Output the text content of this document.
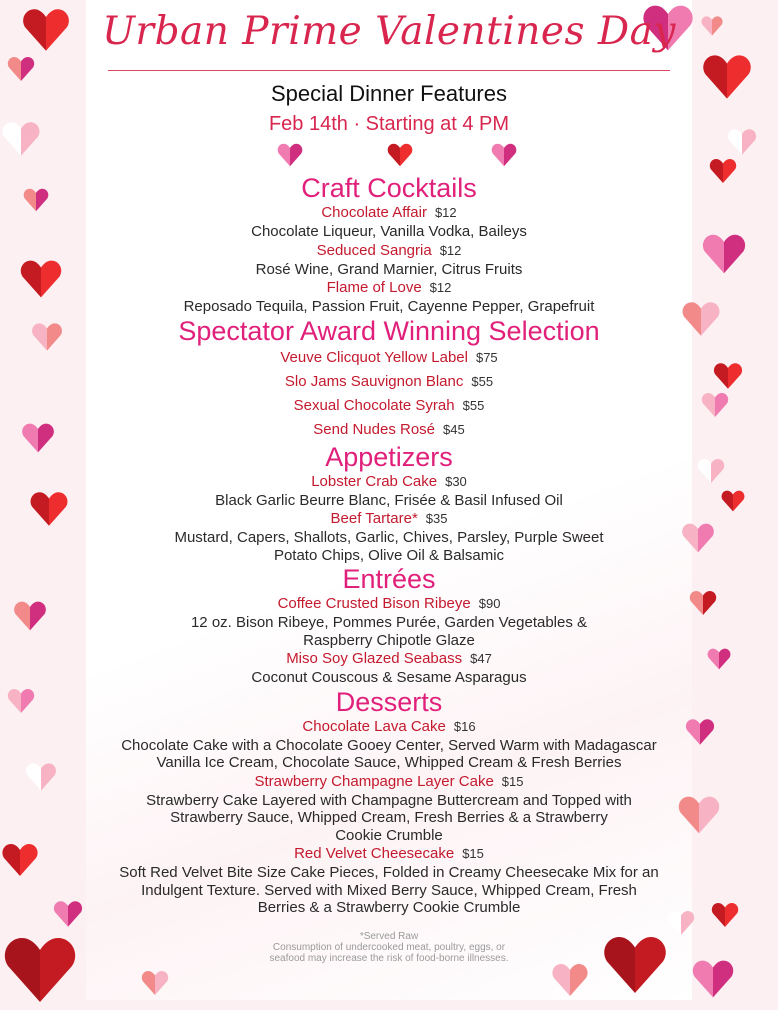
Urban Prime Valentines Day
Special Dinner Features
Feb 14th · Starting at 4 PM
Craft Cocktails
Chocolate Affair $12
Chocolate Liqueur, Vanilla Vodka, Baileys
Seduced Sangria $12
Rosé Wine, Grand Marnier, Citrus Fruits
Flame of Love $12
Reposado Tequila, Passion Fruit, Cayenne Pepper, Grapefruit
Spectator Award Winning Selection
Veuve Clicquot Yellow Label $75
Slo Jams Sauvignon Blanc $55
Sexual Chocolate Syrah $55
Send Nudes Rosé $45
Appetizers
Lobster Crab Cake $30
Black Garlic Beurre Blanc, Frisée & Basil Infused Oil
Beef Tartare* $35
Mustard, Capers, Shallots, Garlic, Chives, Parsley, Purple Sweet
Potato Chips, Olive Oil & Balsamic
Entrées
Coffee Crusted Bison Ribeye $90
12 oz. Bison Ribeye, Pommes Purée, Garden Vegetables &
Raspberry Chipotle Glaze
Miso Soy Glazed Seabass $47
Coconut Couscous & Sesame Asparagus
Desserts
Chocolate Lava Cake $16
Chocolate Cake with a Chocolate Gooey Center, Served Warm with Madagascar
Vanilla Ice Cream, Chocolate Sauce, Whipped Cream & Fresh Berries
Strawberry Champagne Layer Cake $15
Strawberry Cake Layered with Champagne Buttercream and Topped with
Strawberry Sauce, Whipped Cream, Fresh Berries & a Strawberry
Cookie Crumble
Red Velvet Cheesecake $15
Soft Red Velvet Bite Size Cake Pieces, Folded in Creamy Cheesecake Mix for an
Indulgent Texture. Served with Mixed Berry Sauce, Whipped Cream, Fresh
Berries & a Strawberry Cookie Crumble
*Served Raw
Consumption of undercooked meat, poultry, eggs, or
seafood may increase the risk of food-borne illnesses.
